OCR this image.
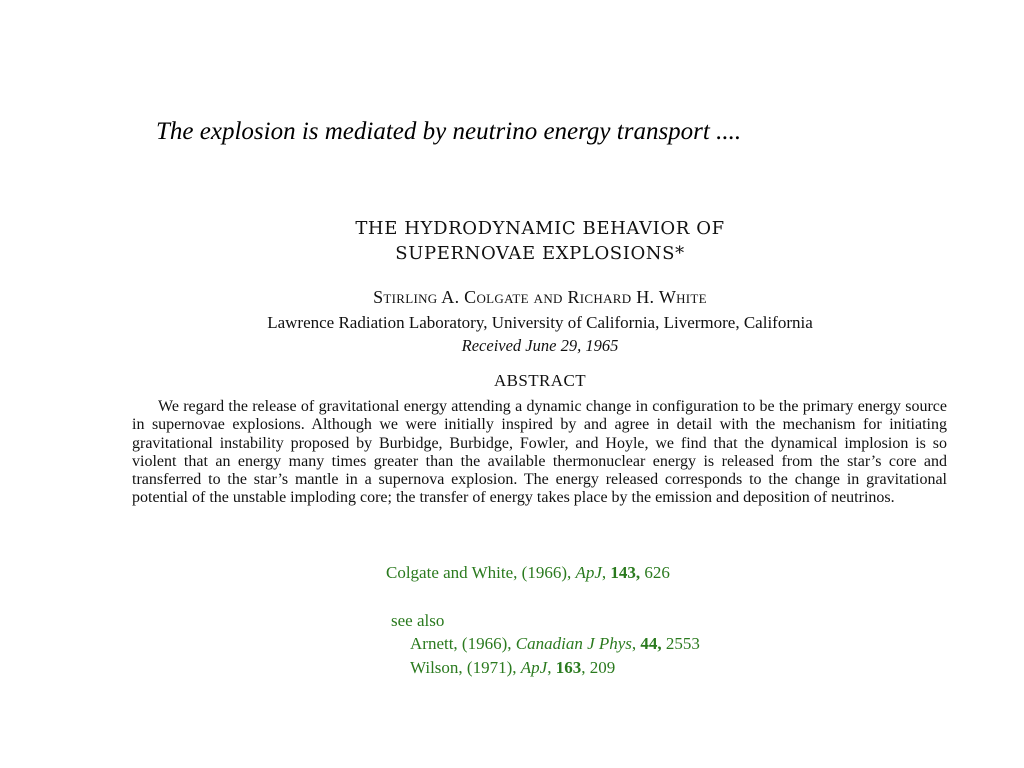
The explosion is mediated by neutrino energy transport ....
THE HYDRODYNAMIC BEHAVIOR OF
SUPERNOVAE EXPLOSIONS*
Stirling A. Colgate and Richard H. White
Lawrence Radiation Laboratory, University of California, Livermore, California
Received June 29, 1965
ABSTRACT
We regard the release of gravitational energy attending a dynamic change in configuration to be the primary energy source in supernovae explosions. Although we were initially inspired by and agree in detail with the mechanism for initiating gravitational instability proposed by Burbidge, Burbidge, Fowler, and Hoyle, we find that the dynamical implosion is so violent that an energy many times greater than the available thermonuclear energy is released from the star’s core and transferred to the star’s mantle in a supernova explosion. The energy released corresponds to the change in gravitational potential of the unstable imploding core; the transfer of energy takes place by the emission and deposition of neutrinos.
Colgate and White, (1966), ApJ, 143, 626
see also
Arnett, (1966), Canadian J Phys, 44, 2553
Wilson, (1971), ApJ, 163, 209
